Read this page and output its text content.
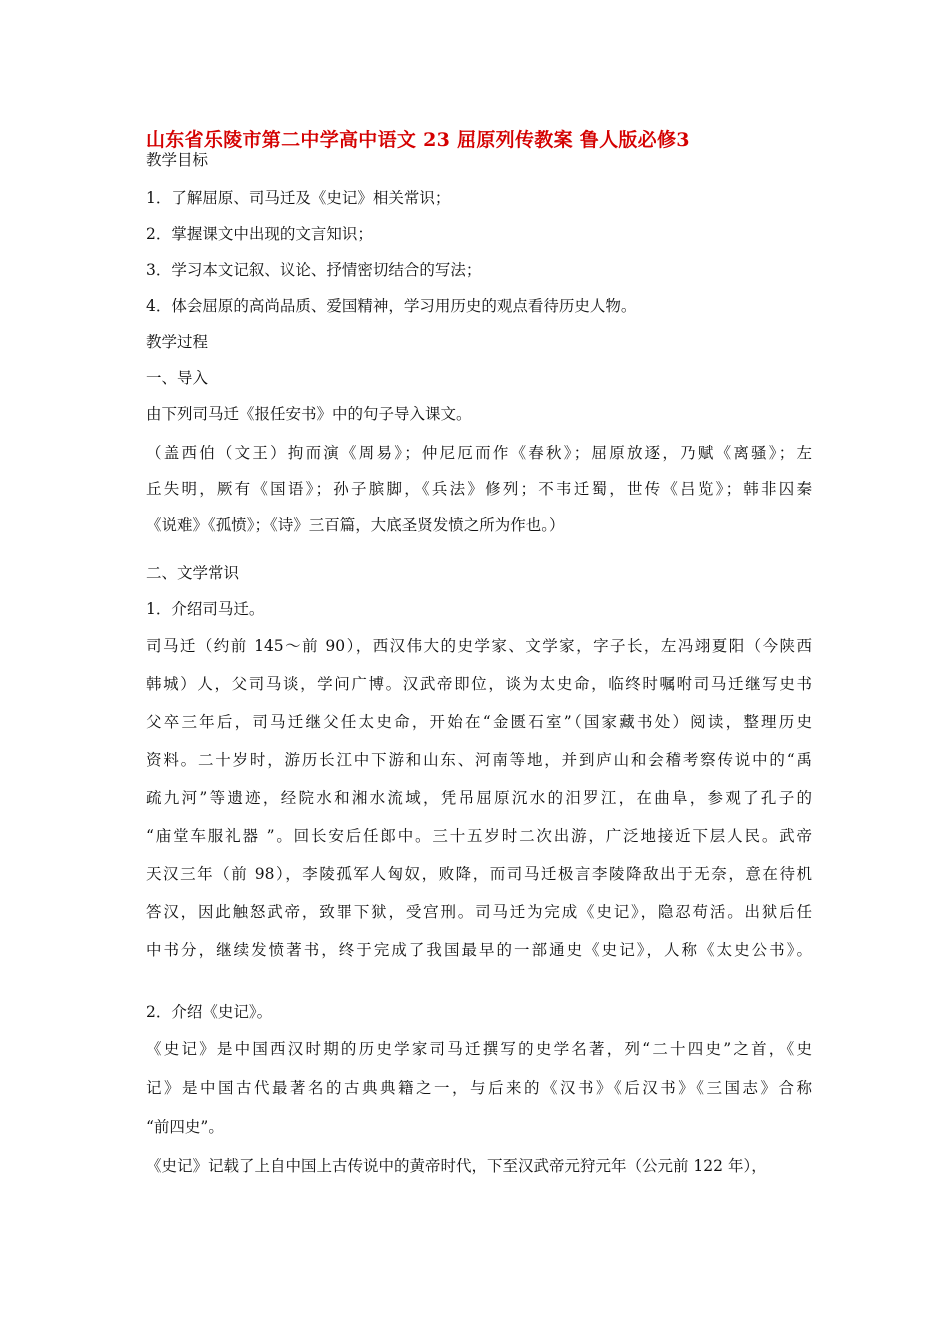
山东省乐陵市第二中学高中语文 23 屈原列传教案 鲁人版必修3
教学目标
1．了解屈原、司马迁及《史记》相关常识；
2．掌握课文中出现的文言知识；
3．学习本文记叙、议论、抒情密切结合的写法；
4．体会屈原的高尚品质、爱国精神，学习用历史的观点看待历史人物。
教学过程
一、导入
由下列司马迁《报任安书》中的句子导入课文。
（盖西伯（文王）拘而演《周易》；仲尼厄而作《春秋》；屈原放逐，乃赋《离骚》；左
丘失明，厥有《国语》；孙子膑脚，《兵法》修列；不韦迁蜀，世传《吕览》；韩非囚秦
《说难》《孤愤》；《诗》三百篇，大底圣贤发愤之所为作也。）
二、文学常识
1．介绍司马迁。
司马迁（约前 145～前 90），西汉伟大的史学家、文学家，字子长，左冯翊夏阳（今陕西
韩城）人，父司马谈，学问广博。汉武帝即位，谈为太史命，临终时嘱咐司马迁继写史书
父卒三年后，司马迁继父任太史命，开始在“金匮石室”（国家藏书处）阅读，整理历史
资料。二十岁时，游历长江中下游和山东、河南等地，并到庐山和会稽考察传说中的“禹
疏九河”等遗迹，经院水和湘水流域，凭吊屈原沉水的汨罗江，在曲阜，参观了孔子的
“庙堂车服礼器 ”。回长安后任郎中。三十五岁时二次出游，广泛地接近下层人民。武帝
天汉三年（前 98），李陵孤军人匈奴，败降，而司马迁极言李陵降敌出于无奈，意在待机
答汉，因此触怒武帝，致罪下狱，受宫刑。司马迁为完成《史记》，隐忍苟活。出狱后任
中书分，继续发愤著书，终于完成了我国最早的一部通史《史记》，人称《太史公书》。
2．介绍《史记》。
《史记》是中国西汉时期的历史学家司马迁撰写的史学名著，列“二十四史”之首，《史
记》是中国古代最著名的古典典籍之一，与后来的《汉书》《后汉书》《三国志》合称
“前四史”。
《史记》记载了上自中国上古传说中的黄帝时代，下至汉武帝元狩元年（公元前 122 年），
